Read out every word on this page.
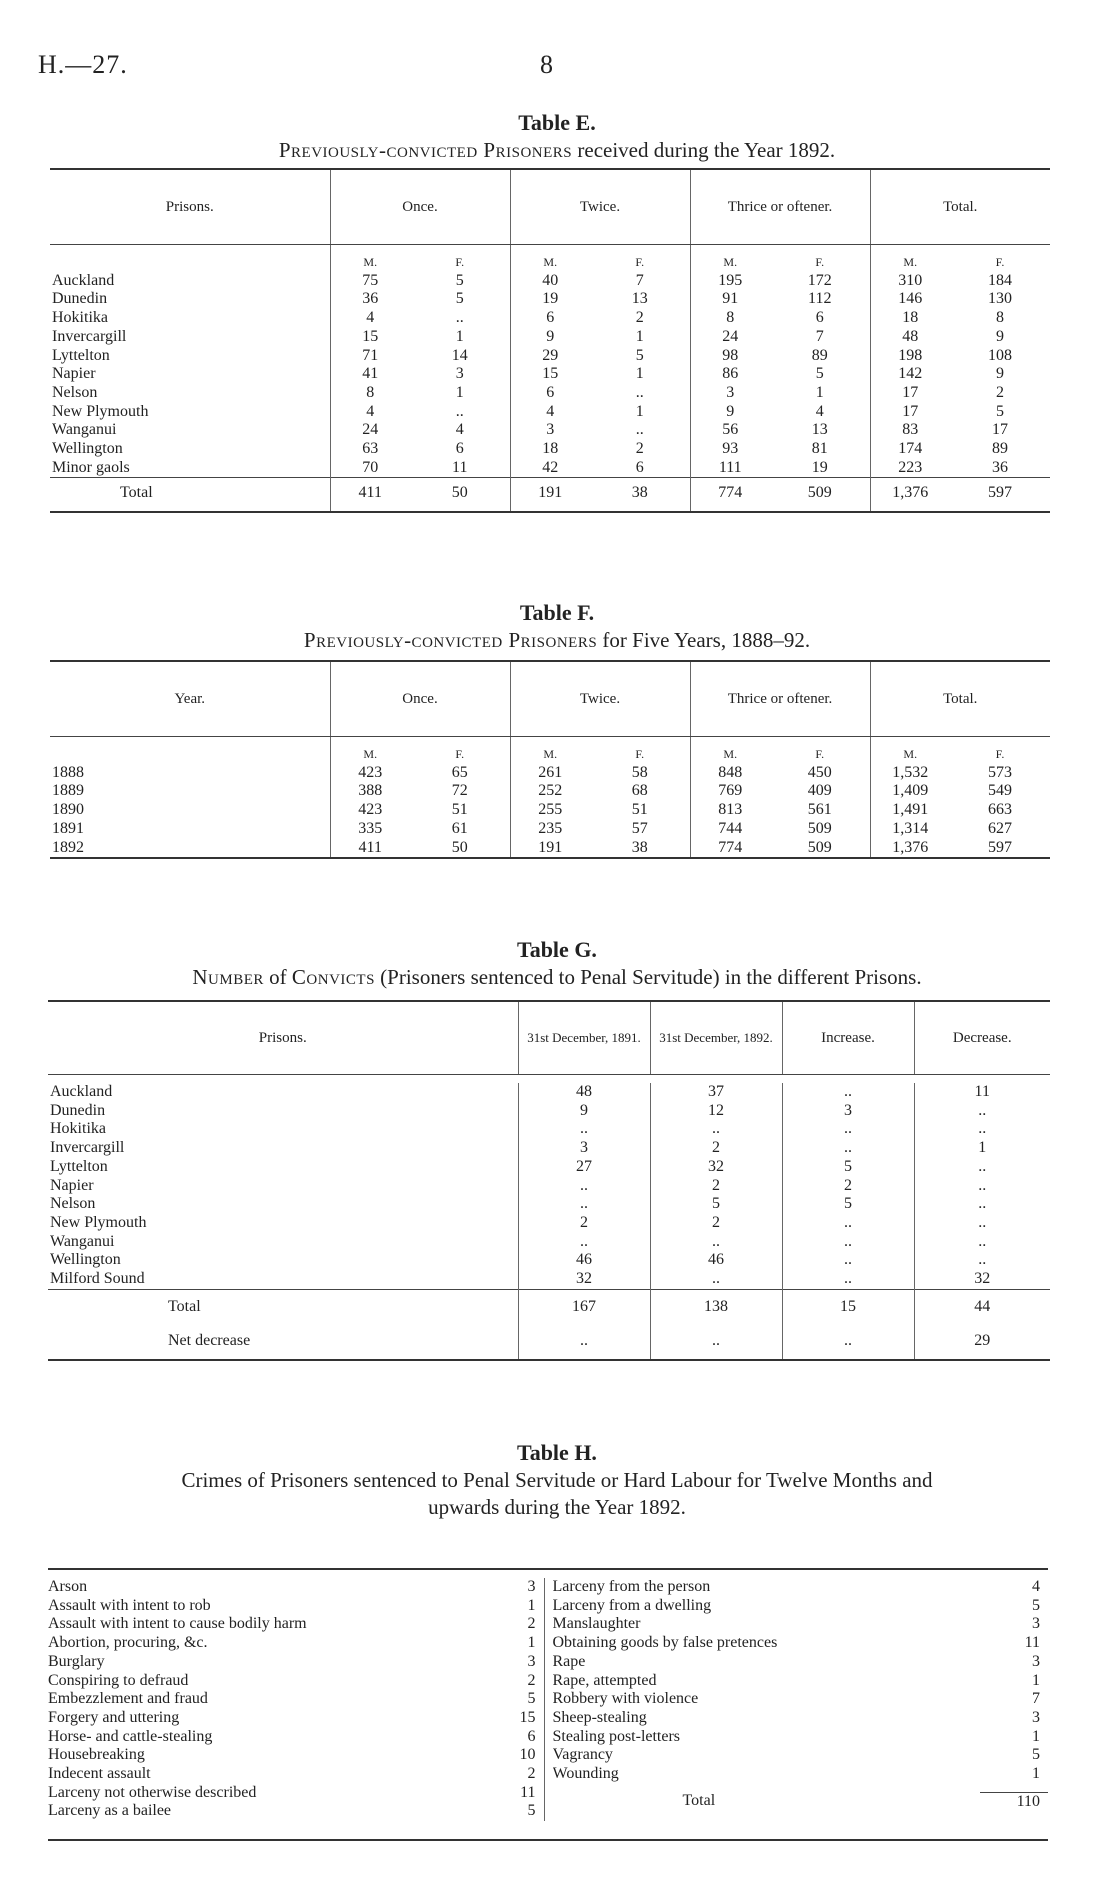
H.—27.	8
Table E.
Previously-convicted Prisoners received during the Year 1892.
Prisons.	Once.		Twice.		Thrice or oftener.		Total.	
	M.	F.	M.	F.	M.	F.	M.	F.
Auckland	75	5	40	7	195	172	310	184
Dunedin	36	5	19	13	91	112	146	130
Hokitika	4	..	6	2	8	6	18	8
Invercargill	15	1	9	1	24	7	48	9
Lyttelton	71	14	29	5	98	89	198	108
Napier	41	3	15	1	86	5	142	9
Nelson	8	1	6	..	3	1	17	2
New Plymouth	4	..	4	1	9	4	17	5
Wanganui	24	4	3	..	56	13	83	17
Wellington	63	6	18	2	93	81	174	89
Minor gaols	70	11	42	6	111	19	223	36
Total	411	50	191	38	774	509	1,376	597
Table F.
Previously-convicted Prisoners for Five Years, 1888–92.
Year.	Once.		Twice.		Thrice or oftener.		Total.	
	M.	F.	M.	F.	M.	F.	M.	F.
1888	423	65	261	58	848	450	1,532	573
1889	388	72	252	68	769	409	1,409	549
1890	423	51	255	51	813	561	1,491	663
1891	335	61	235	57	744	509	1,314	627
1892	411	50	191	38	774	509	1,376	597
Table G.
Number of Convicts (Prisoners sentenced to Penal Servitude) in the different Prisons.
Prisons.	31st December, 1891.	31st December, 1892.	Increase.	Decrease.

Auckland	48	37	..	11
Dunedin	9	12	3	..
Hokitika	..	..	..	..
Invercargill	3	2	..	1
Lyttelton	27	32	5	..
Napier	..	2	2	..
Nelson	..	5	5	..
New Plymouth	2	2	..	..
Wanganui	..	..	..	..
Wellington	46	46	..	..
Milford Sound	32	..	..	32
Total	167	138	15	44
Net decrease	..	..	..	29
Table H.
Crimes of Prisoners sentenced to Penal Servitude or Hard Labour for Twelve Months and
upwards during the Year 1892.
Arson	3
Assault with intent to rob	1
Assault with intent to cause bodily harm	2
Abortion, procuring, &c.	1
Burglary	3
Conspiring to defraud	2
Embezzlement and fraud	5
Forgery and uttering	15
Horse- and cattle-stealing	6
Housebreaking	10
Indecent assault	2
Larceny not otherwise described	11
Larceny as a bailee	5
Larceny from the person	4
Larceny from a dwelling	5
Manslaughter	3
Obtaining goods by false pretences	11
Rape	3
Rape, attempted	1
Robbery with violence	7
Sheep-stealing	3
Stealing post-letters	1
Vagrancy	5
Wounding	1
Total	110
